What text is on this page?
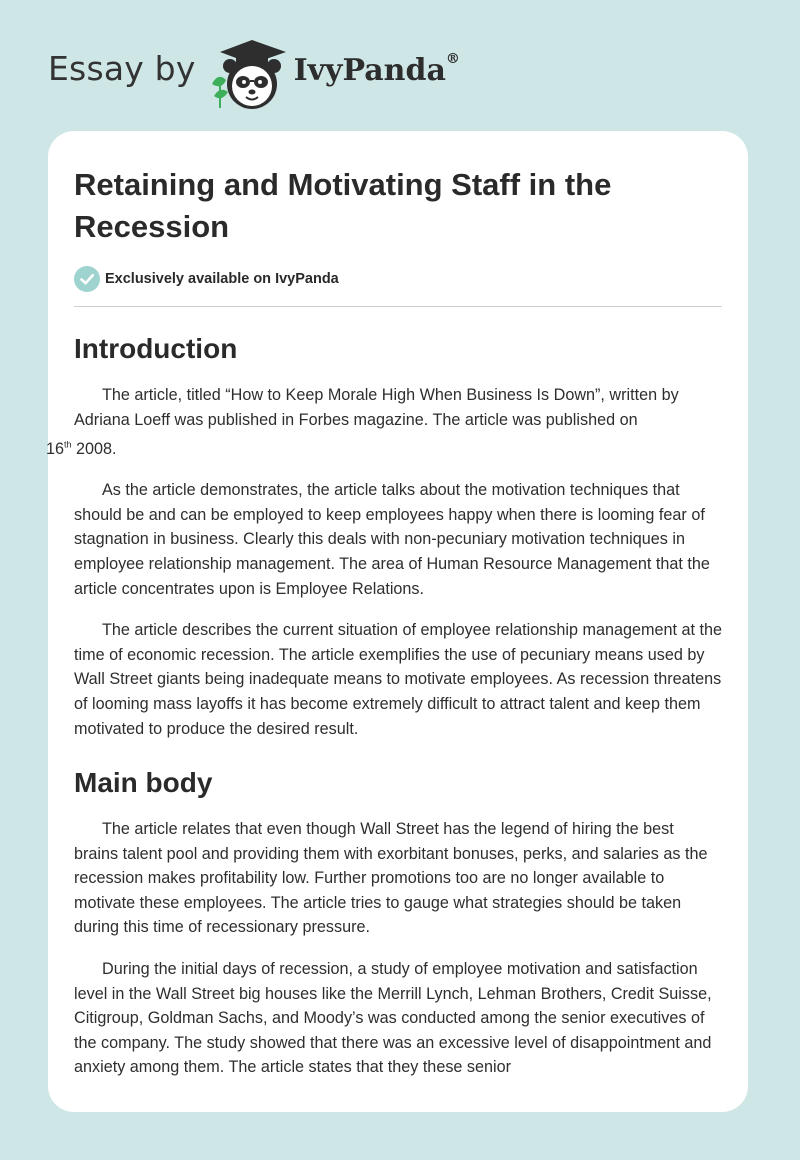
Essay by	IvyPanda®
Retaining and Motivating Staff in the Recession
Exclusively available on IvyPanda
Introduction

The article, titled “How to Keep Morale High When Business Is Down”, written by Adriana Loeff was published in Forbes magazine. The article was published on
16th 2008.

As the article demonstrates, the article talks about the motivation techniques that should be and can be employed to keep employees happy when there is looming fear of stagnation in business. Clearly this deals with non-pecuniary motivation techniques in employee relationship management. The area of Human Resource Management that the article concentrates upon is Employee Relations.

The article describes the current situation of employee relationship management at the time of economic recession. The article exemplifies the use of pecuniary means used by Wall Street giants being inadequate means to motivate employees. As recession threatens of looming mass layoffs it has become extremely difficult to attract talent and keep them motivated to produce the desired result.

Main body

The article relates that even though Wall Street has the legend of hiring the best brains talent pool and providing them with exorbitant bonuses, perks, and salaries as the recession makes profitability low. Further promotions too are no longer available to motivate these employees. The article tries to gauge what strategies should be taken during this time of recessionary pressure.

During the initial days of recession, a study of employee motivation and satisfaction level in the Wall Street big houses like the Merrill Lynch, Lehman Brothers, Credit Suisse, Citigroup, Goldman Sachs, and Moody’s was conducted among the senior executives of the company. The study showed that there was an excessive level of disappointment and anxiety among them. The article states that they these senior
